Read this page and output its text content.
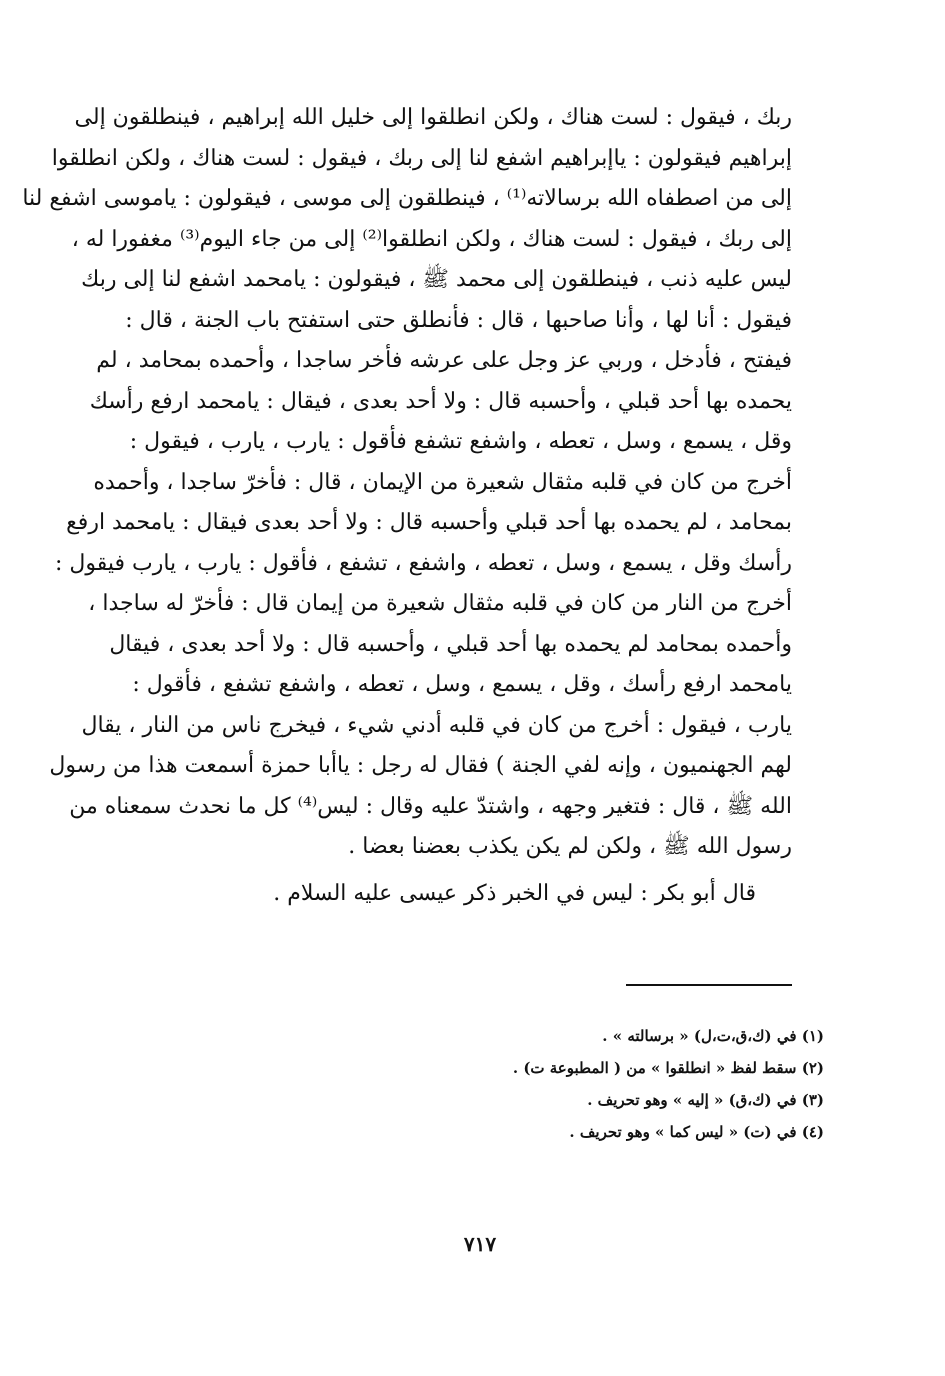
ربك ، فيقول : لست هناك ، ولكن انطلقوا إلى خليل الله إبراهيم ، فينطلقون إلى
إبراهيم فيقولون : ياإبراهيم اشفع لنا إلى ربك ، فيقول : لست هناك ، ولكن انطلقوا
إلى من اصطفاه الله برسالاته⁽¹⁾ ، فينطلقون إلى موسى ، فيقولون : ياموسى اشفع لنا
إلى ربك ، فيقول : لست هناك ، ولكن انطلقوا⁽²⁾ إلى من جاء اليوم⁽³⁾ مغفورا له ،
ليس عليه ذنب ، فينطلقون إلى محمد ﷺ ، فيقولون : يامحمد اشفع لنا إلى ربك
فيقول : أنا لها ، وأنا صاحبها ، قال : فأنطلق حتى استفتح باب الجنة ، قال :
فيفتح ، فأدخل ، وربي عز وجل على عرشه فأخر ساجدا ، وأحمده بمحامد ، لم
يحمده بها أحد قبلي ، وأحسبه قال : ولا أحد بعدى ، فيقال : يامحمد ارفع رأسك
وقل ، يسمع ، وسل ، تعطه ، واشفع تشفع فأقول : يارب ، يارب ، فيقول :
أخرج من كان في قلبه مثقال شعيرة من الإيمان ، قال : فأخرّ ساجدا ، وأحمده
بمحامد ، لم يحمده بها أحد قبلي وأحسبه قال : ولا أحد بعدى فيقال : يامحمد ارفع
رأسك وقل ، يسمع ، وسل ، تعطه ، واشفع ، تشفع ، فأقول : يارب ، يارب فيقول :
أخرج من النار من كان في قلبه مثقال شعيرة من إيمان قال : فأخرّ له ساجدا ،
وأحمده بمحامد لم يحمده بها أحد قبلي ، وأحسبه قال : ولا أحد بعدى ، فيقال
يامحمد ارفع رأسك ، وقل ، يسمع ، وسل ، تعطه ، واشفع تشفع ، فأقول :
يارب ، فيقول : أخرج من كان في قلبه أدني شيء ، فيخرج ناس من النار ، يقال
لهم الجهنميون ، وإنه لفي الجنة ) فقال له رجل : ياأبا حمزة أسمعت هذا من رسول
الله ﷺ ، قال : فتغير وجهه ، واشتدّ عليه وقال : ليس⁽⁴⁾ كل ما نحدث سمعناه من
رسول الله ﷺ ، ولكن لم يكن يكذب بعضنا بعضا .
قال أبو بكر : ليس في الخبر ذكر عيسى عليه السلام .
(١) في (ك،ق،ت،ل) « برسالته » .
(٢) سقط لفظ « انطلقوا » من ( المطبوعة ت) .
(٣) في (ك،ق) « إليه » وهو تحريف .
(٤) في (ت) « ليس كما » وهو تحريف .
٧١٧
